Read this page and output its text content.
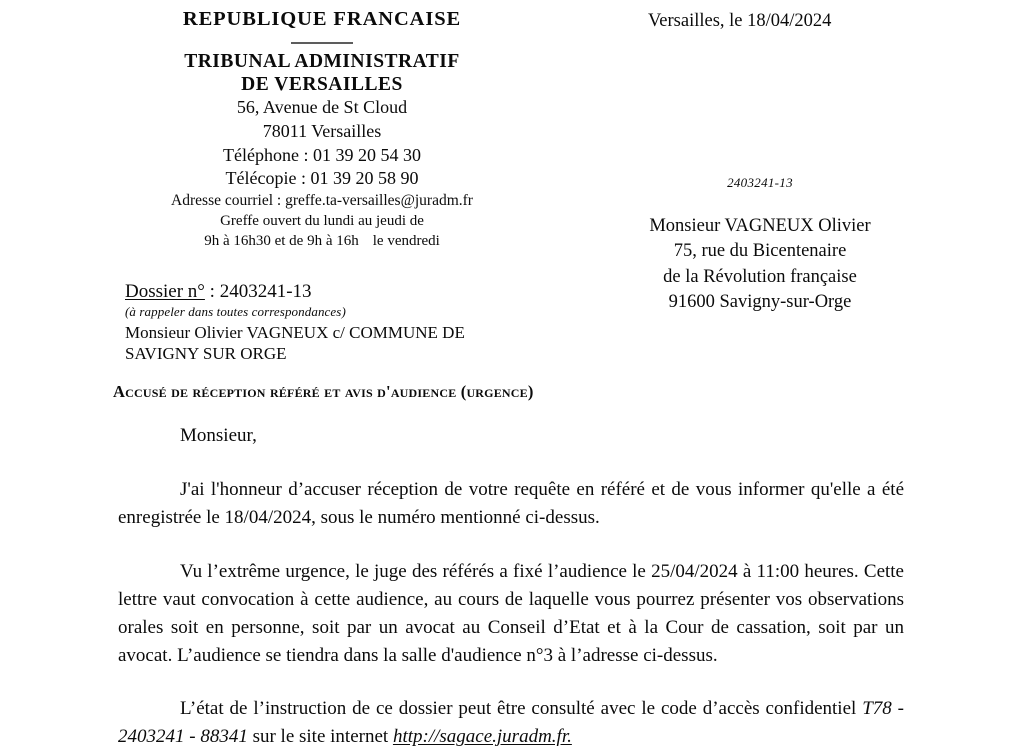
REPUBLIQUE FRANCAISE
TRIBUNAL ADMINISTRATIF
DE VERSAILLES
56, Avenue de St Cloud
78011 Versailles
Téléphone : 01 39 20 54 30
Télécopie : 01 39 20 58 90
Adresse courriel : greffe.ta-versailles@juradm.fr
Greffe ouvert du lundi au jeudi de
9h à 16h30 et de 9h à 16h le vendredi
Versailles, le 18/04/2024
2403241-13
Monsieur VAGNEUX Olivier
75, rue du Bicentenaire
de la Révolution française
91600 Savigny-sur-Orge
Dossier n° : 2403241-13
(à rappeler dans toutes correspondances)
Monsieur Olivier VAGNEUX c/ COMMUNE DE SAVIGNY SUR ORGE
Accusé de réception référé et avis d'audience (urgence)

Monsieur,

J'ai l'honneur d’accuser réception de votre requête en référé et de vous informer qu'elle a été enregistrée le 18/04/2024, sous le numéro mentionné ci-dessus.

Vu l’extrême urgence, le juge des référés a fixé l’audience le 25/04/2024 à 11:00 heures. Cette lettre vaut convocation à cette audience, au cours de laquelle vous pourrez présenter vos observations orales soit en personne, soit par un avocat au Conseil d’Etat et à la Cour de cassation, soit par un avocat. L’audience se tiendra dans la salle d'audience n°3 à l’adresse ci-dessus.

L’état de l’instruction de ce dossier peut être consulté avec le code d’accès confidentiel T78 - 2403241 - 88341 sur le site internet http://sagace.juradm.fr.
